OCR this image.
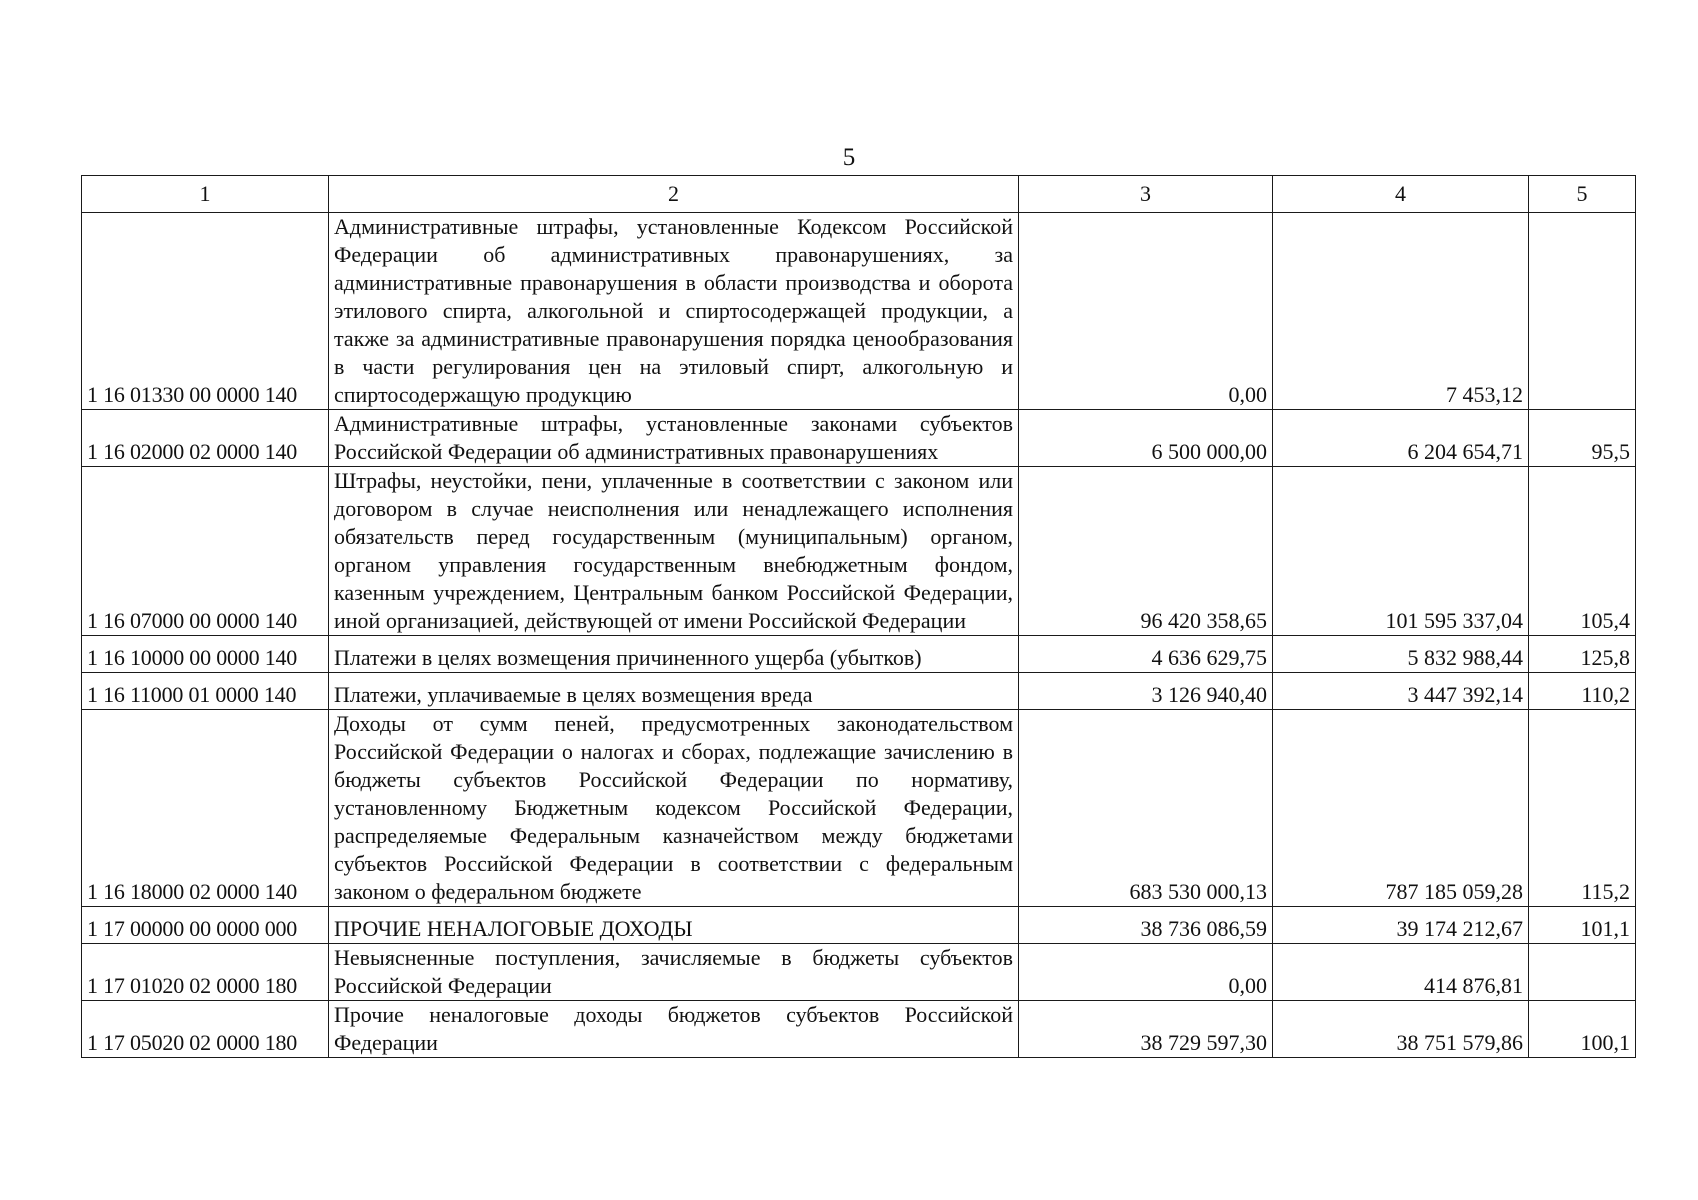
5
1	2	3	4	5
1 16 01330 00 0000 140	Административные штрафы, установленные Кодексом Российской Федерации об административных правонарушениях, за административные правонарушения в области производства и оборота этилового спирта, алкогольной и спиртосодержащей продукции, а также за административные правонарушения порядка ценообразования в части регулирования цен на этиловый спирт, алкогольную и спиртосодержащую продукцию	0,00	7 453,12	
1 16 02000 02 0000 140	Административные штрафы, установленные законами субъектов Российской Федерации об административных правонарушениях	6 500 000,00	6 204 654,71	95,5
1 16 07000 00 0000 140	Штрафы, неустойки, пени, уплаченные в соответствии с законом или договором в случае неисполнения или ненадлежащего исполнения обязательств перед государственным (муниципальным) органом, органом управления государственным внебюджетным фондом, казенным учреждением, Центральным банком Российской Федерации, иной организацией, действующей от имени Российской Федерации	96 420 358,65	101 595 337,04	105,4
1 16 10000 00 0000 140	Платежи в целях возмещения причиненного ущерба (убытков)	4 636 629,75	5 832 988,44	125,8
1 16 11000 01 0000 140	Платежи, уплачиваемые в целях возмещения вреда	3 126 940,40	3 447 392,14	110,2
1 16 18000 02 0000 140	Доходы от сумм пеней, предусмотренных законодательством Российской Федерации о налогах и сборах, подлежащие зачислению в бюджеты субъектов Российской Федерации по нормативу, установленному Бюджетным кодексом Российской Федерации, распределяемые Федеральным казначейством между бюджетами субъектов Российской Федерации в соответствии с федеральным законом о федеральном бюджете	683 530 000,13	787 185 059,28	115,2
1 17 00000 00 0000 000	ПРОЧИЕ НЕНАЛОГОВЫЕ ДОХОДЫ	38 736 086,59	39 174 212,67	101,1
1 17 01020 02 0000 180	Невыясненные поступления, зачисляемые в бюджеты субъектов Российской Федерации	0,00	414 876,81	
1 17 05020 02 0000 180	Прочие неналоговые доходы бюджетов субъектов Российской Федерации	38 729 597,30	38 751 579,86	100,1
